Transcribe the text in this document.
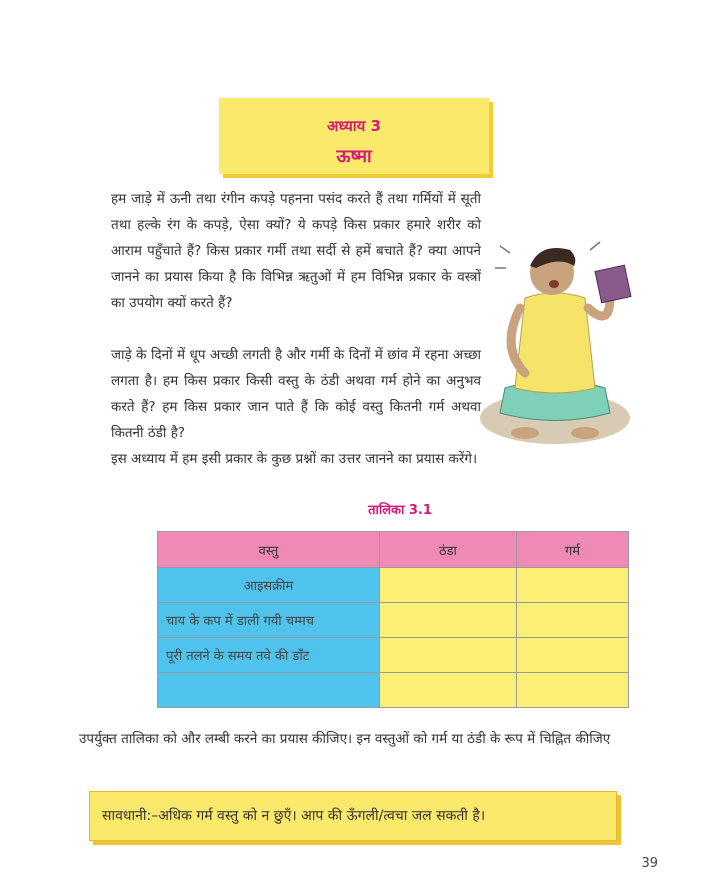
अध्याय 3
ऊष्मा

हम जाड़े में ऊनी तथा रंगीन कपड़े पहनना पसंद करते हैं तथा गर्मियों में सूती तथा हल्के रंग के कपड़े, ऐसा क्यों? ये कपड़े किस प्रकार हमारे शरीर को आराम पहुँचाते हैं? किस प्रकार गर्मी तथा सर्दी से हमें बचाते हैं? क्या आपने जानने का प्रयास किया है कि विभिन्न ऋतुओं में हम विभिन्न प्रकार के वस्त्रों का उपयोग क्यों करते हैं?

जाड़े के दिनों में धूप अच्छी लगती है और गर्मी के दिनों में छांव में रहना अच्छा लगता है। हम किस प्रकार किसी वस्तु के ठंडी अथवा गर्म होने का अनुभव करते हैं? हम किस प्रकार जान पाते हैं कि कोई वस्तु कितनी गर्म अथवा कितनी ठंडी है?

इस अध्याय में हम इसी प्रकार के कुछ प्रश्नों का उत्तर जानने का प्रयास करेंगे।

तालिका 3.1
वस्तु	ठंडा	गर्म
आइसक्रीम		
चाय के कप में डाली गयी चम्मच		
पूरी तलने के समय तवे की डाँट		

उपर्युक्त तालिका को और लम्बी करने का प्रयास कीजिए। इन वस्तुओं को गर्म या ठंडी के रूप में चिह्नित कीजिए
सावधानी:–अधिक गर्म वस्तु को न छुएँ। आप की ऊँगली/त्वचा जल सकती है।
39
